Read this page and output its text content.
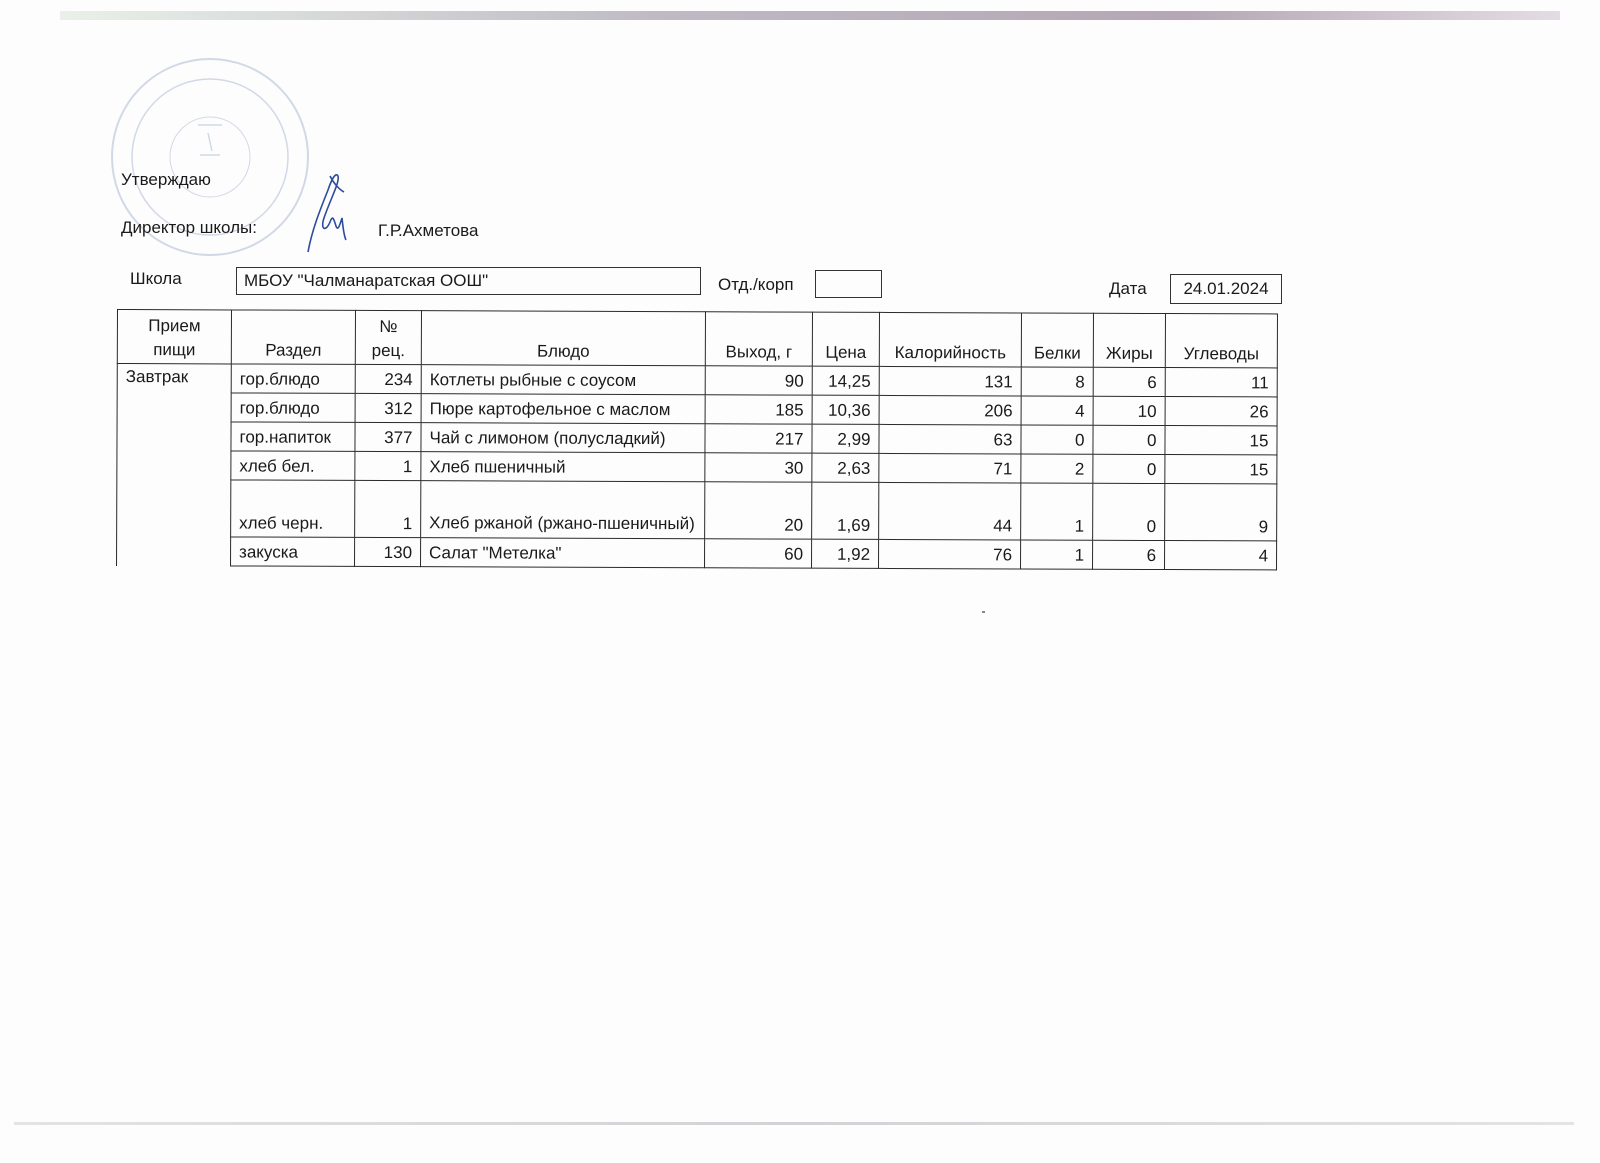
Утверждаю
Директор школы:	Г.Р.Ахметова
Школа	МБОУ "Чалманаратская ООШ"	Отд./корп	Дата	24.01.2024
Прием пищи	Раздел	№ рец.	Блюдо	Выход, г	Цена	Калорийность	Белки	Жиры	Углеводы
Завтрак	гор.блюдо	234	Котлеты рыбные с соусом	90	14,25	131	8	6	11
	гор.блюдо	312	Пюре картофельное с маслом	185	10,36	206	4	10	26
	гор.напиток	377	Чай с лимоном (полусладкий)	217	2,99	63	0	0	15
	хлеб бел.	1	Хлеб пшеничный	30	2,63	71	2	0	15
	хлеб черн.	1	Хлеб ржаной (ржано-пшеничный)	20	1,69	44	1	0	9
	закуска	130	Салат "Метелка"	60	1,92	76	1	6	4
